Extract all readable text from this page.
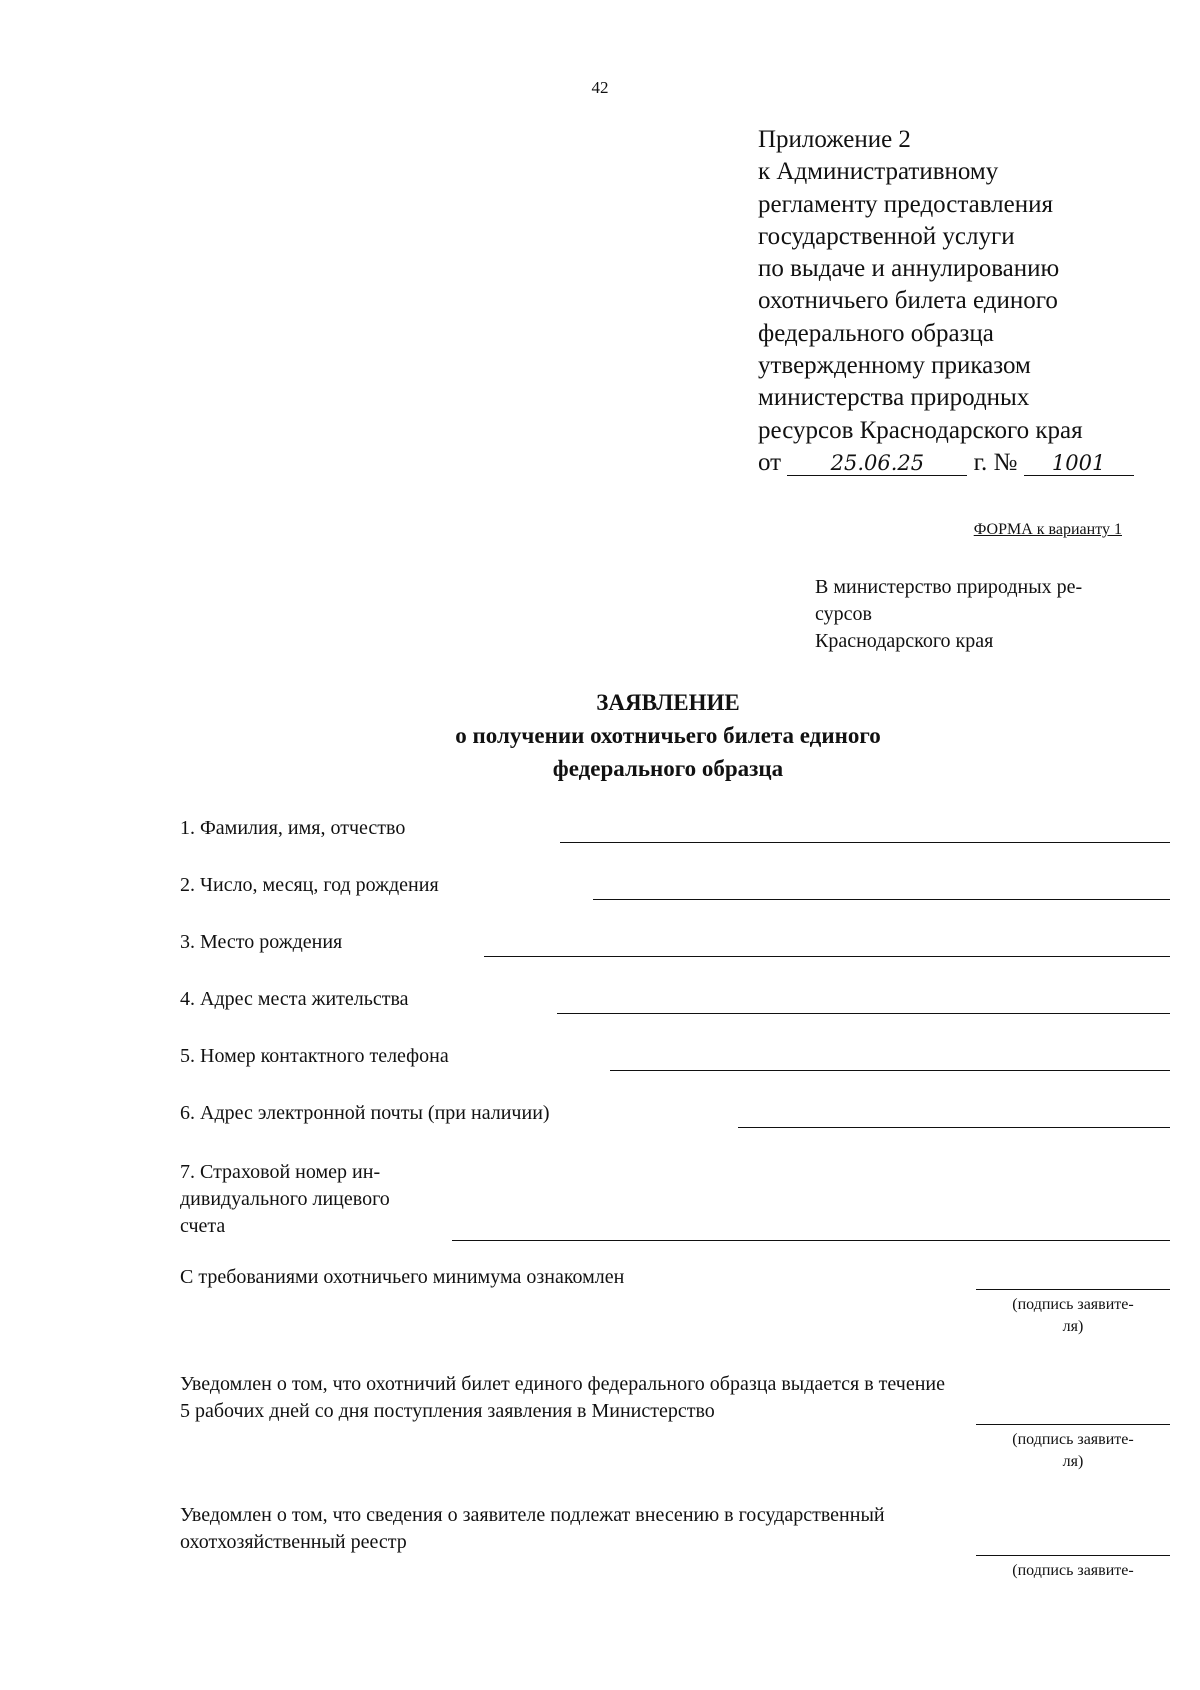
42
Приложение 2
к Административному
регламенту предоставления
государственной услуги
по выдаче и аннулированию
охотничьего билета единого
федерального образца
утвержденному приказом
министерства природных
ресурсов Краснодарского края
от 25.06.25 г. № 1001
ФОРМА к варианту 1
В министерство природных ре-
сурсов
Краснодарского края
ЗАЯВЛЕНИЕ
о получении охотничьего билета единого
федерального образца
1. Фамилия, имя, отчество
2. Число, месяц, год рождения
3. Место рождения
4. Адрес места жительства
5. Номер контактного телефона
6. Адрес электронной почты (при наличии)
7. Страховой номер ин-
дивидуального лицевого
счета
С требованиями охотничьего минимума ознакомлен
(подпись заявите-
ля)
Уведомлен о том, что охотничий билет единого федерального образца выдается в течение
5 рабочих дней со дня поступления заявления в Министерство
(подпись заявите-
ля)
Уведомлен о том, что сведения о заявителе подлежат внесению в государственный
охотхозяйственный реестр
(подпись заявите-
